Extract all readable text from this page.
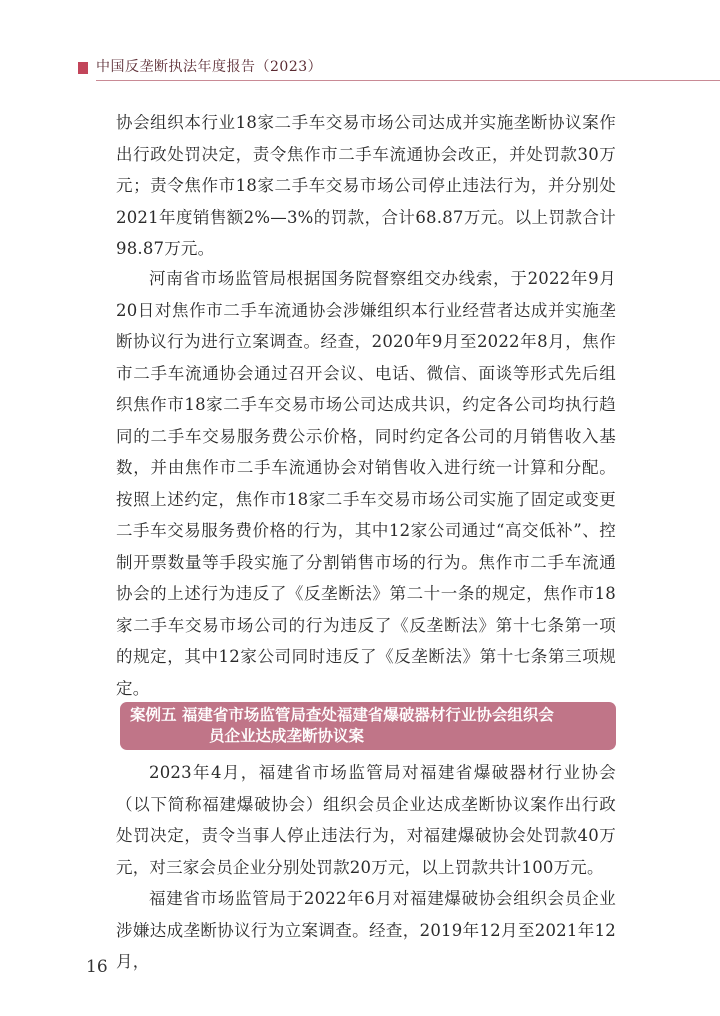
中国反垄断执法年度报告（2023）
协会组织本行业18家二手车交易市场公司达成并实施垄断协议案作出行政处罚决定，责令焦作市二手车流通协会改正，并处罚款30万元；责令焦作市18家二手车交易市场公司停止违法行为，并分别处2021年度销售额2%—3%的罚款，合计68.87万元。以上罚款合计98.87万元。
河南省市场监管局根据国务院督察组交办线索，于2022年9月20日对焦作市二手车流通协会涉嫌组织本行业经营者达成并实施垄断协议行为进行立案调查。经查，2020年9月至2022年8月，焦作市二手车流通协会通过召开会议、电话、微信、面谈等形式先后组织焦作市18家二手车交易市场公司达成共识，约定各公司均执行趋同的二手车交易服务费公示价格，同时约定各公司的月销售收入基数，并由焦作市二手车流通协会对销售收入进行统一计算和分配。按照上述约定，焦作市18家二手车交易市场公司实施了固定或变更二手车交易服务费价格的行为，其中12家公司通过“高交低补”、控制开票数量等手段实施了分割销售市场的行为。焦作市二手车流通协会的上述行为违反了《反垄断法》第二十一条的规定，焦作市18家二手车交易市场公司的行为违反了《反垄断法》第十七条第一项的规定，其中12家公司同时违反了《反垄断法》第十七条第三项规定。
案例五 福建省市场监管局查处福建省爆破器材行业协会组织会
员企业达成垄断协议案
2023年4月，福建省市场监管局对福建省爆破器材行业协会（以下简称福建爆破协会）组织会员企业达成垄断协议案作出行政处罚决定，责令当事人停止违法行为，对福建爆破协会处罚款40万元，对三家会员企业分别处罚款20万元，以上罚款共计100万元。
福建省市场监管局于2022年6月对福建爆破协会组织会员企业涉嫌达成垄断协议行为立案调查。经查，2019年12月至2021年12月，
16
